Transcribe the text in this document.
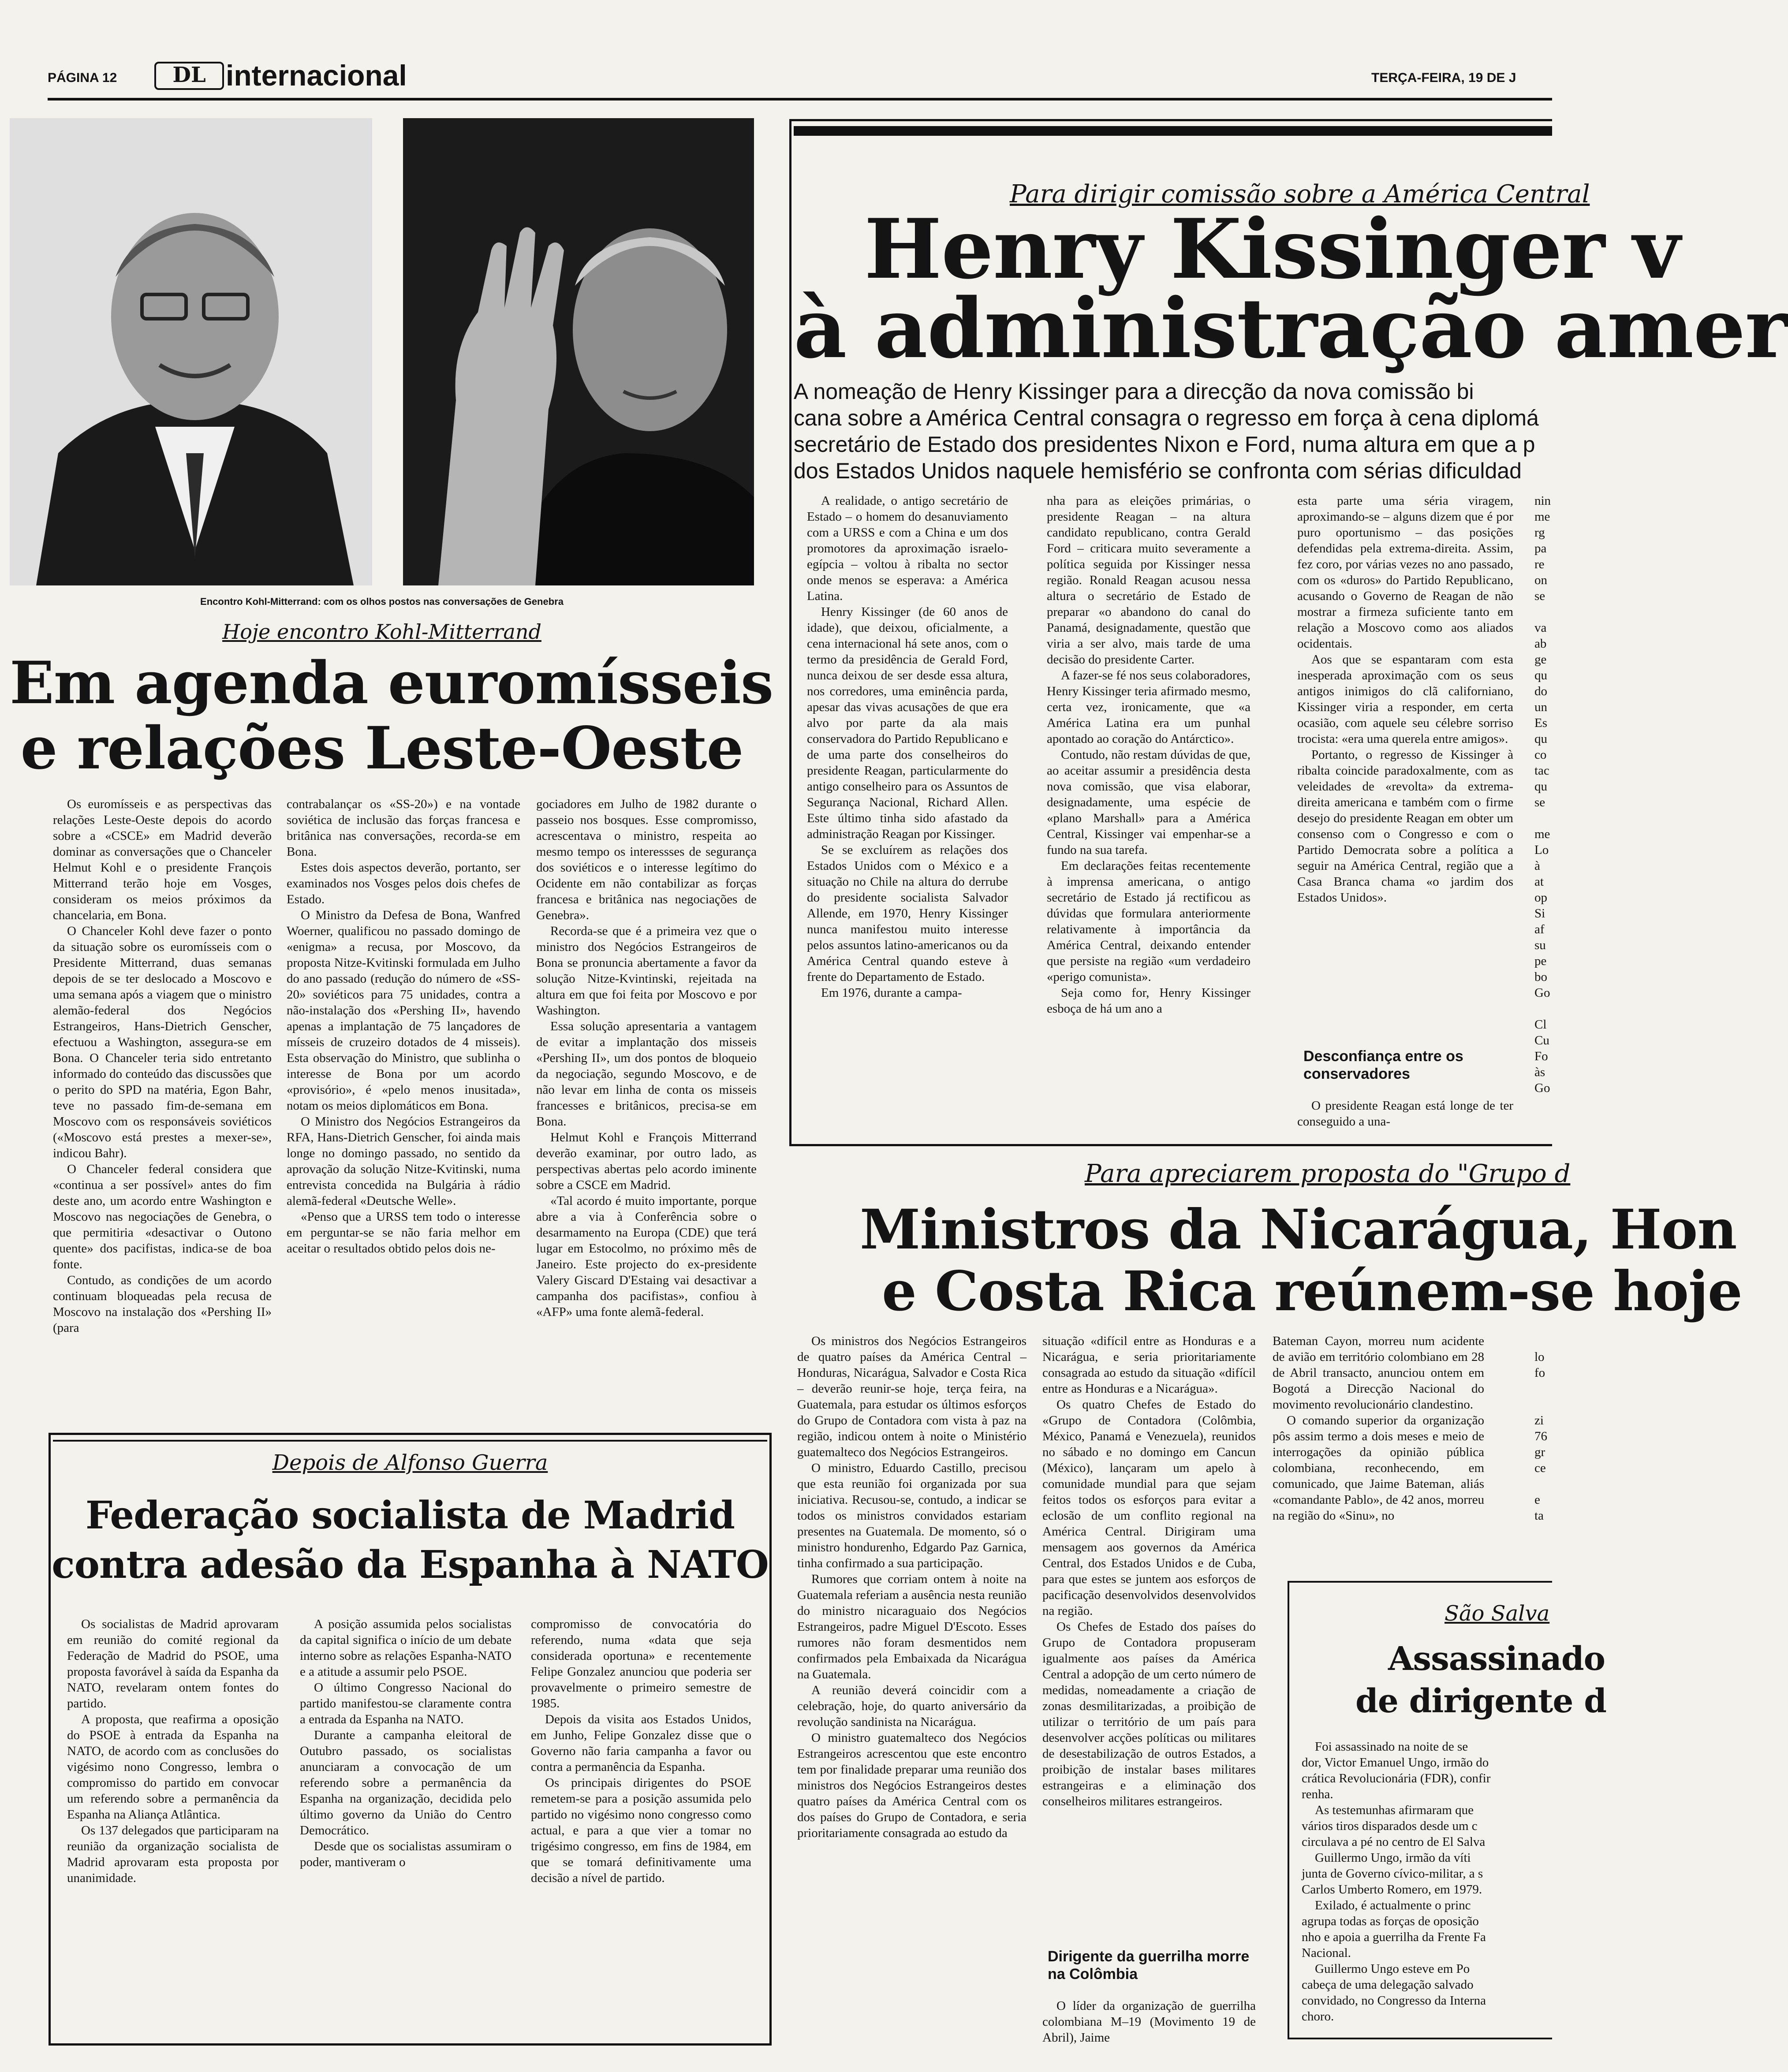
PÁGINA 12	DL internacional	TERÇA-FEIRA, 19 DE J
Encontro Kohl-Mitterrand: com os olhos postos nas conversações de Genebra
Hoje encontro Kohl-Mitterrand
Em agenda euromísseis
e relações Leste-Oeste

Os euromísseis e as perspectivas das relações Leste-Oeste depois do acordo sobre a «CSCE» em Madrid deverão dominar as conversações que o Chanceler Helmut Kohl e o presidente François Mitterrand terão hoje em Vosges, consideram os meios próximos da chancelaria, em Bona.

O Chanceler Kohl deve fazer o ponto da situação sobre os euromísseis com o Presidente Mitterrand, duas semanas depois de se ter deslocado a Moscovo e uma semana após a viagem que o ministro alemão-federal dos Negócios Estrangeiros, Hans-Dietrich Genscher, efectuou a Washington, assegura-se em Bona. O Chanceler teria sido entretanto informado do conteúdo das discussões que o perito do SPD na matéria, Egon Bahr, teve no passado fim-de-semana em Moscovo com os responsáveis soviéticos («Moscovo está prestes a mexer-se», indicou Bahr).

O Chanceler federal considera que «continua a ser possível» antes do fim deste ano, um acordo entre Washington e Moscovo nas negociações de Genebra, o que permitiria «desactivar o Outono quente» dos pacifistas, indica-se de boa fonte.

Contudo, as condições de um acordo continuam bloqueadas pela recusa de Moscovo na instalação dos «Pershing II» (para

contrabalançar os «SS-20») e na vontade soviética de inclusão das forças francesa e britânica nas conversações, recorda-se em Bona.

Estes dois aspectos deverão, portanto, ser examinados nos Vosges pelos dois chefes de Estado.

O Ministro da Defesa de Bona, Wanfred Woerner, qualificou no passado domingo de «enigma» a recusa, por Moscovo, da proposta Nitze-Kvitinski formulada em Julho do ano passado (redução do número de «SS-20» soviéticos para 75 unidades, contra a não-instalação dos «Pershing II», havendo apenas a implantação de 75 lançadores de mísseis de cruzeiro dotados de 4 misseis). Esta observação do Ministro, que sublinha o interesse de Bona por um acordo «provisório», é «pelo menos inusitada», notam os meios diplomáticos em Bona.

O Ministro dos Negócios Estrangeiros da RFA, Hans-Dietrich Genscher, foi ainda mais longe no domingo passado, no sentido da aprovação da solução Nitze-Kvitinski, numa entrevista concedida na Bulgária à rádio alemã-federal «Deutsche Welle».

«Penso que a URSS tem todo o interesse em perguntar-se se não faria melhor em aceitar o resultados obtido pelos dois ne-

gociadores em Julho de 1982 durante o passeio nos bosques. Esse compromisso, acrescentava o ministro, respeita ao mesmo tempo os interessses de segurança dos soviéticos e o interesse legítimo do Ocidente em não contabilizar as forças francesa e britânica nas negociações de Genebra».

Recorda-se que é a primeira vez que o ministro dos Negócios Estrangeiros de Bona se pronuncia abertamente a favor da solução Nitze-Kvintinski, rejeitada na altura em que foi feita por Moscovo e por Washington.

Essa solução apresentaria a vantagem de evitar a implantação dos misseis «Pershing II», um dos pontos de bloqueio da negociação, segundo Moscovo, e de não levar em linha de conta os misseis francesses e britânicos, precisa-se em Bona.

Helmut Kohl e François Mitterrand deverão examinar, por outro lado, as perspectivas abertas pelo acordo iminente sobre a CSCE em Madrid.

«Tal acordo é muito importante, porque abre a via à Conferência sobre o desarmamento na Europa (CDE) que terá lugar em Estocolmo, no próximo mês de Janeiro. Este projecto do ex-presidente Valery Giscard D'Estaing vai desactivar a campanha dos pacifistas», confiou à «AFP» uma fonte alemã-federal.

Depois de Alfonso Guerra
Federação socialista de Madrid
contra adesão da Espanha à NATO

Os socialistas de Madrid aprovaram em reunião do comité regional da Federação de Madrid do PSOE, uma proposta favorável à saída da Espanha da NATO, revelaram ontem fontes do partido.

A proposta, que reafirma a oposição do PSOE à entrada da Espanha na NATO, de acordo com as conclusões do vigésimo nono Congresso, lembra o compromisso do partido em convocar um referendo sobre a permanência da Espanha na Aliança Atlântica.

Os 137 delegados que participaram na reunião da organização socialista de Madrid aprovaram esta proposta por unanimidade.

A posição assumida pelos socialistas da capital significa o início de um debate interno sobre as relações Espanha-NATO e a atitude a assumir pelo PSOE.

O último Congresso Nacional do partido manifestou-se claramente contra a entrada da Espanha na NATO.

Durante a campanha eleitoral de Outubro passado, os socialistas anunciaram a convocação de um referendo sobre a permanência da Espanha na organização, decidida pelo último governo da União do Centro Democrático.

Desde que os socialistas assumiram o poder, mantiveram o

compromisso de convocatória do referendo, numa «data que seja considerada oportuna» e recentemente Felipe Gonzalez anunciou que poderia ser provavelmente o primeiro semestre de 1985.

Depois da visita aos Estados Unidos, em Junho, Felipe Gonzalez disse que o Governo não faria campanha a favor ou contra a permanência da Espanha.

Os principais dirigentes do PSOE remetem-se para a posição assumida pelo partido no vigésimo nono congresso como actual, e para a que vier a tomar no trigésimo congresso, em fins de 1984, em que se tomará definitivamente uma decisão a nível de partido.

Para dirigir comissão sobre a América Central
Henry Kissinger v
à administração amer
A nomeação de Henry Kissinger para a direcção da nova comissão bi
cana sobre a América Central consagra o regresso em força à cena diplomá
secretário de Estado dos presidentes Nixon e Ford, numa altura em que a p
dos Estados Unidos naquele hemisfério se confronta com sérias dificuldad

A realidade, o antigo secretário de Estado – o homem do desanuviamento com a URSS e com a China e um dos promotores da aproximação israelo-egípcia – voltou à ribalta no sector onde menos se esperava: a América Latina.

Henry Kissinger (de 60 anos de idade), que deixou, oficialmente, a cena internacional há sete anos, com o termo da presidência de Gerald Ford, nunca deixou de ser desde essa altura, nos corredores, uma eminência parda, apesar das vivas acusações de que era alvo por parte da ala mais conservadora do Partido Republicano e de uma parte dos conselheiros do presidente Reagan, particularmente do antigo conselheiro para os Assuntos de Segurança Nacional, Richard Allen. Este último tinha sido afastado da administração Reagan por Kissinger.

Se se excluírem as relações dos Estados Unidos com o México e a situação no Chile na altura do derrube do presidente socialista Salvador Allende, em 1970, Henry Kissinger nunca manifestou muito interesse pelos assuntos latino-americanos ou da América Central quando esteve à frente do Departamento de Estado.

Em 1976, durante a campa-

nha para as eleições primárias, o presidente Reagan – na altura candidato republicano, contra Gerald Ford – criticara muito severamente a política seguida por Kissinger nessa região. Ronald Reagan acusou nessa altura o secretário de Estado de preparar «o abandono do canal do Panamá, designadamente, questão que viria a ser alvo, mais tarde de uma decisão do presidente Carter.

A fazer-se fé nos seus colaboradores, Henry Kissinger teria afirmado mesmo, certa vez, ironicamente, que «a América Latina era um punhal apontado ao coração do Antárctico».

Contudo, não restam dúvidas de que, ao aceitar assumir a presidência desta nova comissão, que visa elaborar, designadamente, uma espécie de «plano Marshall» para a América Central, Kissinger vai empenhar-se a fundo na sua tarefa.

Em declarações feitas recentemente à imprensa americana, o antigo secretário de Estado já rectificou as dúvidas que formulara anteriormente relativamente à importância da América Central, deixando entender que persiste na região «um verdadeiro «perigo comunista».

Seja como for, Henry Kissinger esboça de há um ano a

esta parte uma séria viragem, aproximando-se – alguns dizem que é por puro oportunismo – das posições defendidas pela extrema-direita. Assim, fez coro, por várias vezes no ano passado, com os «duros» do Partido Republicano, acusando o Governo de Reagan de não mostrar a firmeza suficiente tanto em relação a Moscovo como aos aliados ocidentais.

Aos que se espantaram com esta inesperada aproximação com os seus antigos inimigos do clã californiano, Kissinger viria a responder, em certa ocasião, com aquele seu célebre sorriso trocista: «era uma querela entre amigos».

Portanto, o regresso de Kissinger à ribalta coincide paradoxalmente, com as veleidades de «revolta» da extrema-direita americana e também com o firme desejo do presidente Reagan em obter um consenso com o Congresso e com o Partido Democrata sobre a política a seguir na América Central, região que a Casa Branca chama «o jardim dos Estados Unidos».

Desconfiança entre os conservadores

O presidente Reagan está longe de ter conseguido a una-

nin
me
rg
pa
re
on
se
va
ab
ge
qu
do
un
Es
qu
co
tac
qu
se
me
Lo
à
at
op
Si
af
su
pe
bo
Go
Cl
Cu
Fo
às
Go
Para apreciarem proposta do "Grupo d
Ministros da Nicarágua, Hon
e Costa Rica reúnem-se hoje

Os ministros dos Negócios Estrangeiros de quatro países da América Central – Honduras, Nicarágua, Salvador e Costa Rica – deverão reunir-se hoje, terça feira, na Guatemala, para estudar os últimos esforços do Grupo de Contadora com vista à paz na região, indicou ontem à noite o Ministério guatemalteco dos Negócios Estrangeiros.

O ministro, Eduardo Castillo, precisou que esta reunião foi organizada por sua iniciativa. Recusou-se, contudo, a indicar se todos os ministros convidados estariam presentes na Guatemala. De momento, só o ministro hondurenho, Edgardo Paz Garnica, tinha confirmado a sua participação.

Rumores que corriam ontem à noite na Guatemala referiam a ausência nesta reunião do ministro nicaraguaio dos Negócios Estrangeiros, padre Miguel D'Escoto. Esses rumores não foram desmentidos nem confirmados pela Embaixada da Nicarágua na Guatemala.

A reunião deverá coincidir com a celebração, hoje, do quarto aniversário da revolução sandinista na Nicarágua.

O ministro guatemalteco dos Negócios Estrangeiros acrescentou que este encontro tem por finalidade preparar uma reunião dos ministros dos Negócios Estrangeiros destes quatro países da América Central com os dos países do Grupo de Contadora, e seria prioritariamente consagrada ao estudo da

situação «difícil entre as Honduras e a Nicarágua, e seria prioritariamente consagrada ao estudo da situação «difícil entre as Honduras e a Nicarágua».

Os quatro Chefes de Estado do «Grupo de Contadora (Colômbia, México, Panamá e Venezuela), reunidos no sábado e no domingo em Cancun (México), lançaram um apelo à comunidade mundial para que sejam feitos todos os esforços para evitar a eclosão de um conflito regional na América Central. Dirigiram uma mensagem aos governos da América Central, dos Estados Unidos e de Cuba, para que estes se juntem aos esforços de pacificação desenvolvidos desenvolvidos na região.

Os Chefes de Estado dos países do Grupo de Contadora propuseram igualmente aos países da América Central a adopção de um certo número de medidas, nomeadamente a criação de zonas desmilitarizadas, a proibição de utilizar o território de um país para desenvolver acções políticas ou militares de desestabilização de outros Estados, a proibição de instalar bases militares estrangeiras e a eliminação dos conselheiros militares estrangeiros.

Dirigente da guerrilha morre na Colômbia

O líder da organização de guerrilha colombiana M–19 (Movimento 19 de Abril), Jaime

Bateman Cayon, morreu num acidente de avião em território colombiano em 28 de Abril transacto, anunciou ontem em Bogotá a Direcção Nacional do movimento revolucionário clandestino.

O comando superior da organização pôs assim termo a dois meses e meio de interrogações da opinião pública colombiana, reconhecendo, em comunicado, que Jaime Bateman, aliás «comandante Pablo», de 42 anos, morreu na região do «Sinu», no

lo
fo
zi
76
gr
ce
e
ta
São Salva
Assassinado
de dirigente d
Foi assassinado na noite de se
dor, Victor Emanuel Ungo, irmão do
crática Revolucionária (FDR), confir
renha.
As testemunhas afirmaram que
vários tiros disparados desde um c
circulava a pé no centro de El Salva
Guillermo Ungo, irmão da víti
junta de Governo cívico-militar, a s
Carlos Umberto Romero, em 1979.
Exilado, é actualmente o princ
agrupa todas as forças de oposição
nho e apoia a guerrilha da Frente Fa
Nacional.
Guillermo Ungo esteve em Po
cabeça de uma delegação salvado
convidado, no Congresso da Interna
choro.
